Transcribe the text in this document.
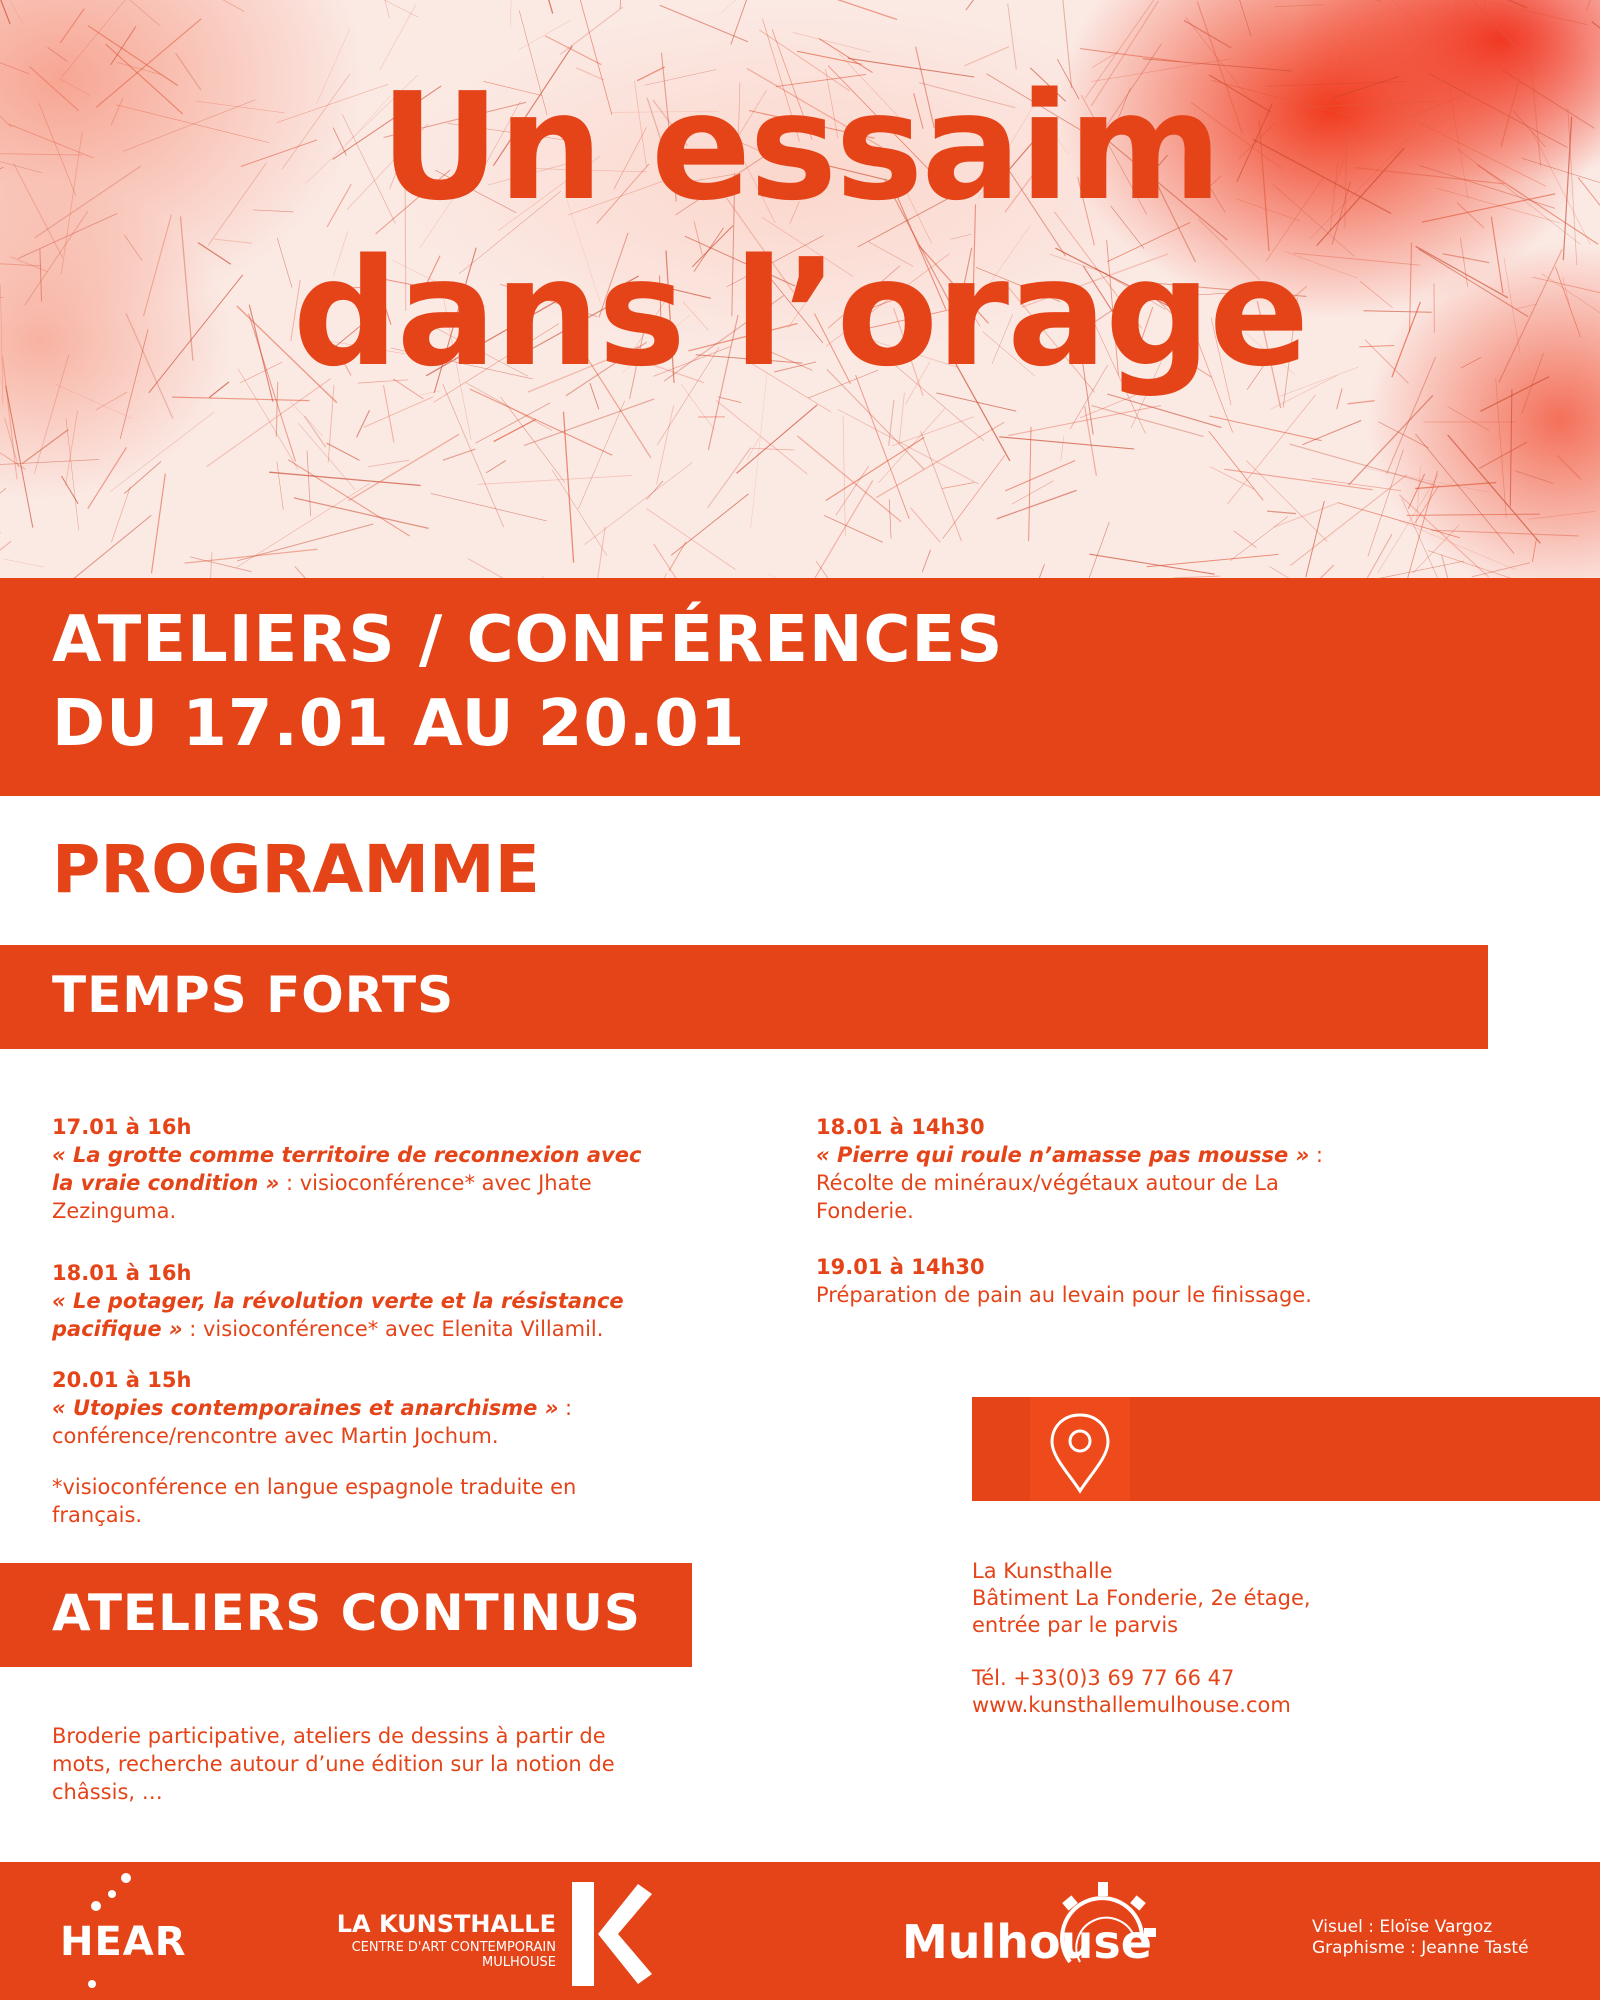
Un essaim
dans l’orage
ATELIERS / CONFÉRENCES
DU 17.01 AU 20.01
PROGRAMME
TEMPS FORTS
17.01 à 16h
« La grotte comme territoire de reconnexion avec la vraie condition » : visioconférence* avec Jhate Zezinguma.
18.01 à 16h
« Le potager, la révolution verte et la résistance pacifique » : visioconférence* avec Elenita Villamil.
20.01 à 15h
« Utopies contemporaines et anarchisme » : conférence/rencontre avec Martin Jochum.
18.01 à 14h30
« Pierre qui roule n’amasse pas mousse » : Récolte de minéraux/végétaux autour de La Fonderie.
19.01 à 14h30
Préparation de pain au levain pour le finissage.
*visioconférence en langue espagnole traduite en français.
ATELIERS CONTINUS
Broderie participative, ateliers de dessins à partir de mots, recherche autour d’une édition sur la notion de châssis, …
La Kunsthalle
Bâtiment La Fonderie, 2e étage,
entrée par le parvis
Tél. +33(0)3 69 77 66 47
www.kunsthallemulhouse.com
HEAR	LA KUNSTHALLE
CENTRE D'ART CONTEMPORAIN
MULHOUSE	Mulhouse	Visuel : Eloïse Vargoz
Graphisme : Jeanne Tasté
